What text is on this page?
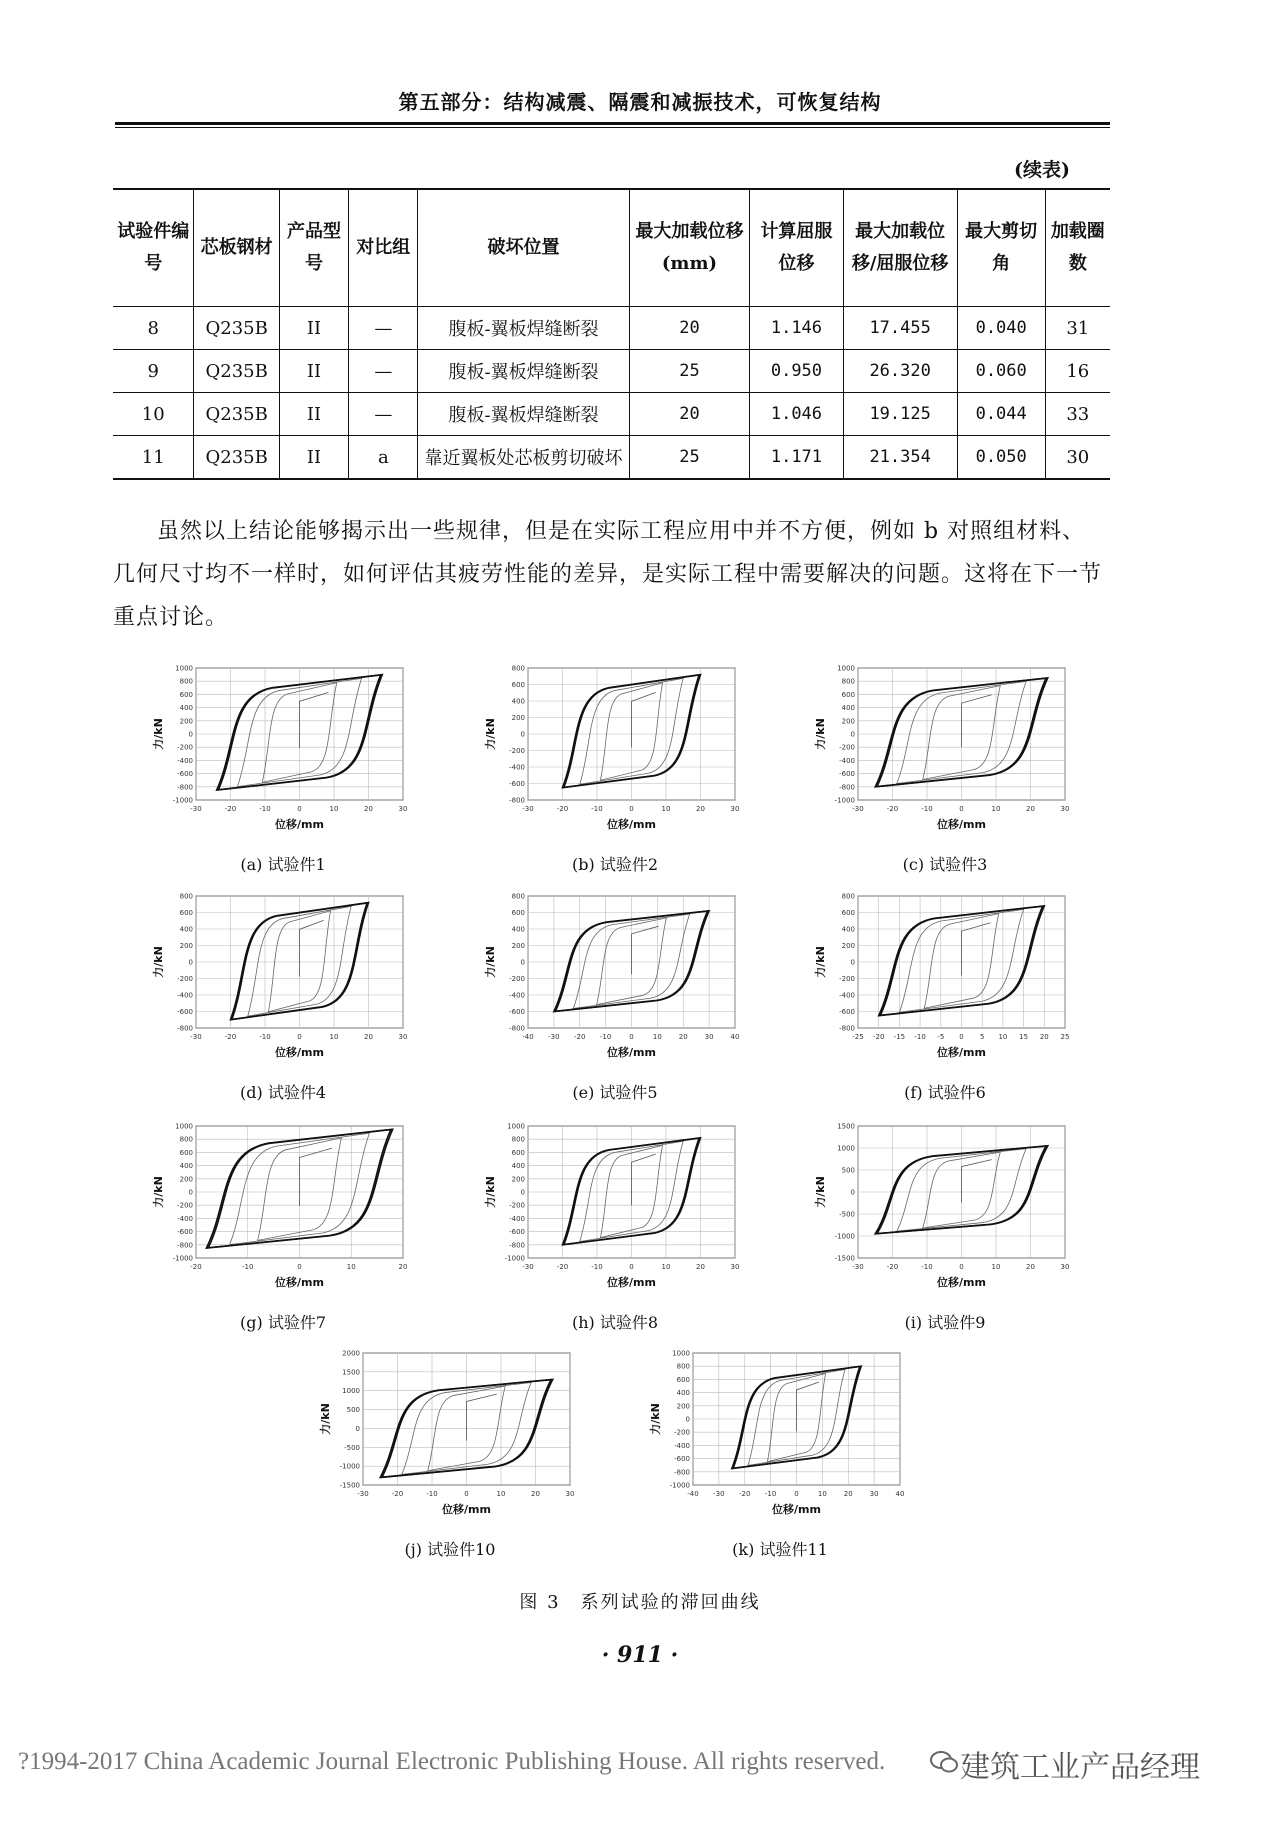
第五部分：结构减震、隔震和减振技术，可恢复结构
(续表)
试验件编号	芯板钢材	产品型号	对比组	破坏位置	最大加载位移(mm)	计算屈服位移	最大加载位移/屈服位移	最大剪切角	加载圈数
8	Q235B	II	—	腹板-翼板焊缝断裂	20	1.146	17.455	0.040	31
9	Q235B	II	—	腹板-翼板焊缝断裂	25	0.950	26.320	0.060	16
10	Q235B	II	—	腹板-翼板焊缝断裂	20	1.046	19.125	0.044	33
11	Q235B	II	a	靠近翼板处芯板剪切破坏	25	1.171	21.354	0.050	30
虽然以上结论能够揭示出一些规律，但是在实际工程应用中并不方便，例如 b 对照组材料、几何尺寸均不一样时，如何评估其疲劳性能的差异，是实际工程中需要解决的问题。这将在下一节重点讨论。
-30	-20	-10	0	10	20	30
1000
800
600
400
200
0
-200
-400
-600
-800
-1000
位移/mm
力/kN
(a) 试验件1
-30	-20	-10	0	10	20	30
800
600
400
200
0
-200
-400
-600
-800
位移/mm
力/kN
(b) 试验件2
-30	-20	-10	0	10	20	30
1000
800
600
400
200
0
-200
-400
-600
-800
-1000
位移/mm
力/kN
(c) 试验件3
-30	-20	-10	0	10	20	30
800
600
400
200
0
-200
-400
-600
-800
位移/mm
力/kN
(d) 试验件4
-40 -30 -20 -10	0	10 20 30 40
800
600
400
200
0
-200
-400
-600
-800
位移/mm
力/kN
(e) 试验件5
-25 -20 -15 -10 -5 0 5 10 15 20 25
800
600
400
200
0
-200
-400
-600
-800
位移/mm
力/kN
(f) 试验件6
-20	-10	0	10	20
1000
800
600
400
200
0
-200
-400
-600
-800
-1000
位移/mm
力/kN
(g) 试验件7
-30	-20	-10	0	10	20	30
1000
800
600
400
200
0
-200
-400
-600
-800
-1000
位移/mm
力/kN
(h) 试验件8
-30	-20	-10	0	10	20	30
1500
1000
500
0
-500
-1000
-1500
位移/mm
力/kN
(i) 试验件9
-30	-20	-10	0	10	20	30
2000
1500
1000
500
0
-500
-1000
-1500
位移/mm
力/kN
(j) 试验件10
-40 -30 -20 -10	0	10 20 30 40
1000
800
600
400
200
0
-200
-400
-600
-800
-1000
位移/mm
力/kN
(k) 试验件11
图 3　系列试验的滞回曲线
· 911 ·
?1994-2017 China Academic Journal Electronic Publishing House. All rights reserved. 建筑工业产品经理
